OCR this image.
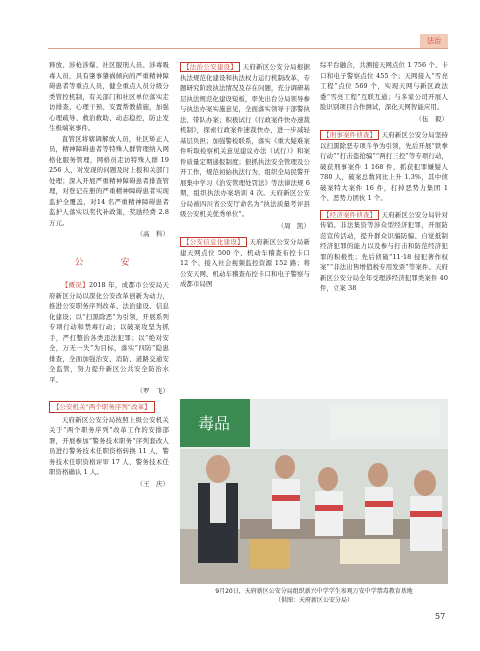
法治

释放、涉枪涉爆、社区服刑人员、涉毒吸毒人员，具有肇事肇祸倾向的严重精神障碍患者等重点人员，健全重点人员分级分类管控机制，有关部门和社区单位落实走访排查、心理干预、安置帮教措施，加强心理疏导、救治救助、动态稳控，防止发生极端案事件。

直管区将辖调解放人员，社区矫正人员，精神障碍患者等特殊人群管理纳入网格化服务管理，网格员走访特殊人群 19 256 人，对发现的问题及时上报和关部门处理；深入开展严重精神障碍患者排查管理，对登记在册的严重精神障碍患者实现监护全覆盖，对14 名严重精神障碍患者监护人落实以奖代补政策，奖励经费 2.8 万元。

（高　科）
公　安

【概况】2018 年，成都市公安局天府新区分局以深化公安改革创新为动力，推进公安职务序列改革、法治建设、信息化建设；以“扫黑除恶”为引领，开展系列专项行动和禁毒行动；以破案攻坚为抓手，严打整治各类违法犯罪；以“绝对安全，万无一失”为目标，落实“四防”隐患排查，全面加强治安、消防、道路交通安全监管，努力提升新区公共安全防治水平。

（罗　飞）
【公安机关“两个职务序列”改革】

天府新区公安分局按照上级公安机关关于“两个职务序列”改革工作的安排部署，开展参加“警务技术职务”序列套改人员进行警务技术任职资格转换 11 人，警务技术任职资格评审 17 人、警务技术任职资格确认 1 人。

（王　庆）

【法治公安建设】 天府新区公安分局根据执法规范化建设和执法权力运行机制改革，专题研究阶段执法情况及存在问题，充分调研基层执法规范化建设短板，率先出台分局领导参与执法办案实施意见，全面落实领导干部警执法、带队办案；积极试行《行政案件快办速裁机制》，探索行政案件速裁快办，进一步减轻基层负担；加强警检联系，落实《重大疑难案件听取检察机关意见建议办法（试行）》和案件质量定期通报制度；狠抓执法安全管理及公开工作，规范初始执法行为，组织全局民警开展集中学习《治安管理处罚法》等法律法规 6 期，组织执法办案培训 4 次。天府新区公安分局被四川省公安厅命名为“执法质量考评县级公安机关优秀单位”。

（周　凯）

【公安信息化建设】 天府新区公安分局新建天网点位 500 个、机动车稽查布控卡口 12 个、接入社会视频监控资源 152 路；将公安天网、机动车稽查布控卡口和电子警察与成都市局图

综平台融合，共测接天网点位 1 756 个、卡口和电子警察点位 455 个；天网接入“雪亮工程”点位 569 个，实现天网与新区政法委“雪亮工程”互联互通；与多家公司开展人脸识别项目合作测试，深化天网智能应用。

（伍　毅）

【刑事案件侦查】 天府新区公安分局坚持以扫黑除恶专项斗争为引领，先后开展“铁拳行动”“打击盗抢骗”“两打三控”等专项行动，破获刑事案件 1 168 件，抓获犯罪嫌疑人 780 人，破案总数同比上升 1.3%，其中侦破案特大案件 16 件，打掉恶势力集团 1 个、恶势力团伙 1 个。

【经济案件侦查】 天府新区公安分局针对传销、非法集资等涉众型经济犯罪，开展防范宣传活动，提升群众识骗防骗、自觉抵制经济犯罪的能力以及参与打击和防范经济犯罪的积极性；先后侦破“11·18 侵犯著作权案”“非法出售增值税专用发票”等案件。天府新区公安分局全年受理涉经济犯罪类案件 40 件，立案 38

毒品
9月20日，天府新区公安分局组织新兴中学学生参观万安中学禁毒教育基地
（供图：天府新区公安分局）
57
